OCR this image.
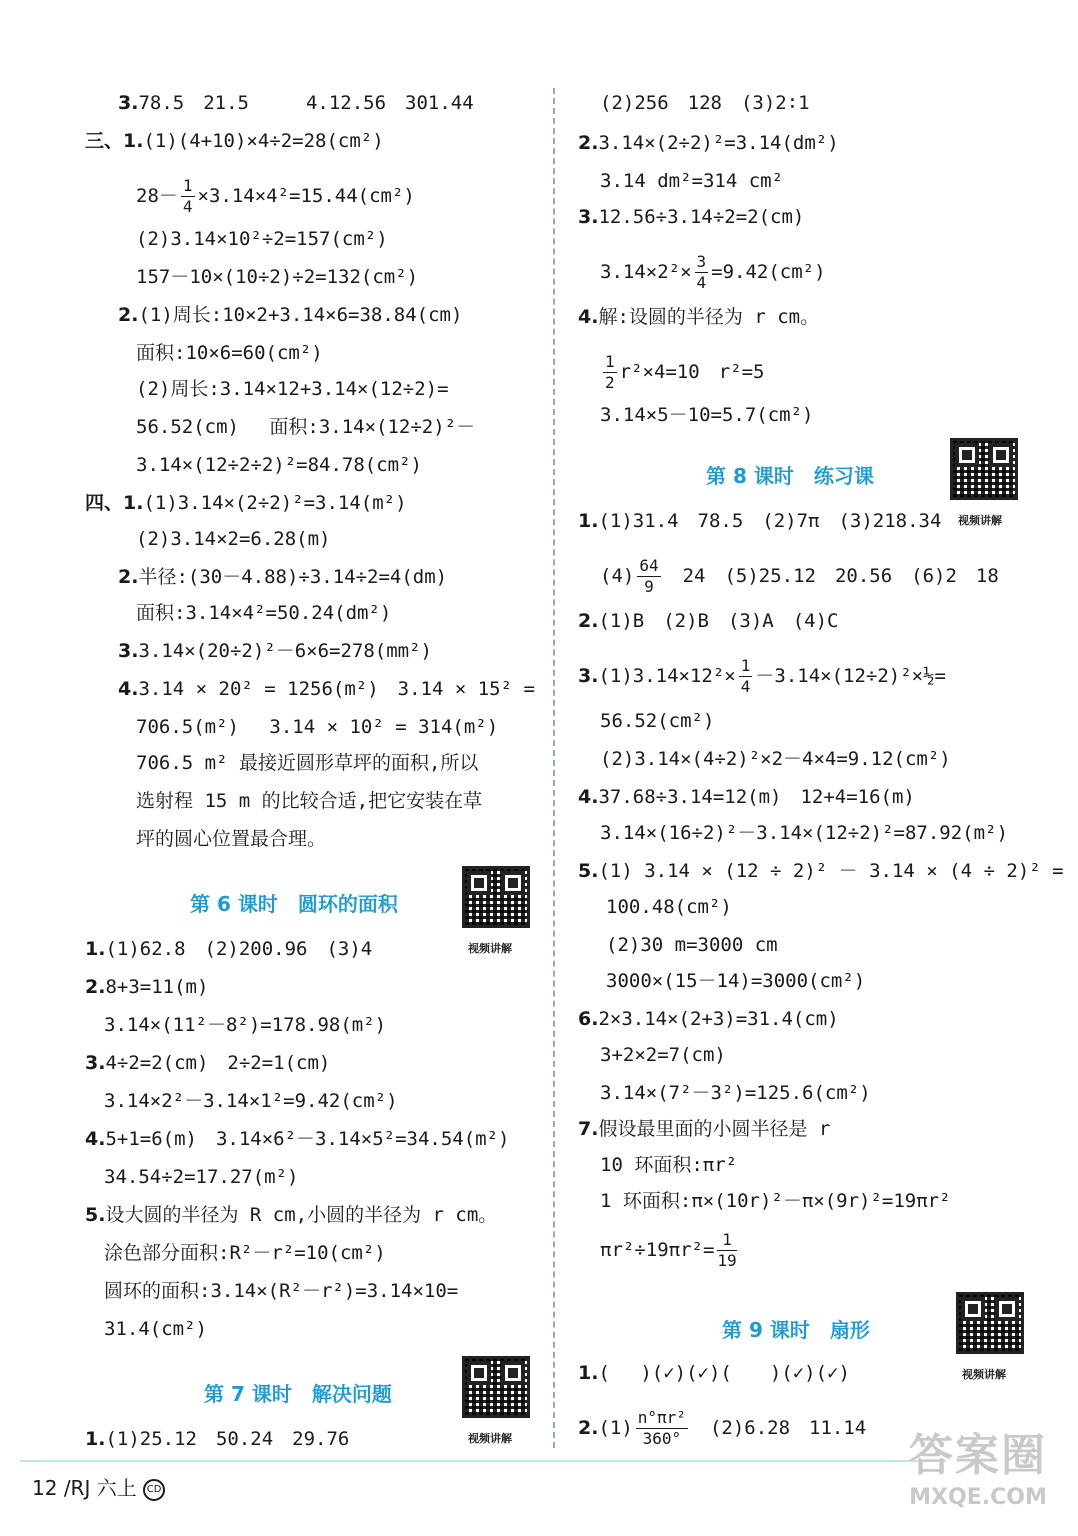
3.78.5　21.5　　　4.12.56　301.44
三、1.(1)(4+10)×4÷2=28(cm²)
$28- \frac{1}{4} \times 3.14\times 4^2=15.44(cm^2)$
(2)3.14×10²÷2=157(cm²)
157－10×(10÷2)÷2=132(cm²)
2.(1)周长:10×2+3.14×6=38.84(cm)
面积:10×6=60(cm²)
(2)周长:3.14×12+3.14×(12÷2)=
56.52(cm)　 面积:3.14×(12÷2)²－
3.14×(12÷2÷2)²=84.78(cm²)
四、1.(1)3.14×(2÷2)²=3.14(m²)
(2)3.14×2=6.28(m)
2.半径:(30－4.88)÷3.14÷2=4(dm)
面积:3.14×4²=50.24(dm²)
3.3.14×(20÷2)²－6×6=278(mm²)
4.3.14 × 20² = 1256(m²)　3.14 × 15² =
706.5(m²)　 3.14 × 10² = 314(m²)
706.5 m² 最接近圆形草坪的面积,所以
选射程 15 m 的比较合适,把它安装在草
坪的圆心位置最合理。
1.(1)62.8　(2)200.96　(3)4
2.8+3=11(m)
3.14×(11²－8²)=178.98(m²)
3.4÷2=2(cm)　2÷2=1(cm)
3.14×2²－3.14×1²=9.42(cm²)
4.5+1=6(m)　3.14×6²－3.14×5²=34.54(m²)
34.54÷2=17.27(m²)
5.设大圆的半径为 R cm,小圆的半径为 r cm。
涂色部分面积:R²－r²=10(cm²)
圆环的面积:3.14×(R²－r²)=3.14×10=
31.4(cm²)
1.(1)25.12　50.24　29.76
(2)256　128　(3)2∶1
2.3.14×(2÷2)²=3.14(dm²)
3.14 dm²=314 cm²
3.12.56÷3.14÷2=2(cm)
$3.14\times 2^2\times \frac{3}{4} =9.42(cm^2)$
4.解:设圆的半径为 r cm。
$\frac{1}{2} r^2\times 4=10$　r²=5
3.14×5－10=5.7(cm²)
1.(1)31.4　78.5　(2)7π　(3)218.34
$(4) \frac{64}{9}$ 　24　(5)25.12　20.56　(6)2　18
2.(1)B　(2)B　(3)A　(4)C
$3.(1)3.14\times 12^2\times \frac{1}{4}$ －3.14×(12÷2)²×½=
56.52(cm²)
(2)3.14×(4÷2)²×2－4×4=9.12(cm²)
4.37.68÷3.14=12(m)　12+4=16(m)
3.14×(16÷2)²－3.14×(12÷2)²=87.92(m²)
5.(1) 3.14 × (12 ÷ 2)² － 3.14 × (4 ÷ 2)² =
100.48(cm²)
(2)30 m=3000 cm
3000×(15－14)=3000(cm²)
6.2×3.14×(2+3)=31.4(cm)
3+2×2=7(cm)
3.14×(7²－3²)=125.6(cm²)
7.假设最里面的小圆半径是 r
10 环面积:πr²
1 环面积:π×(10r)²－π×(9r)²=19πr²
$\pi r^2\div 19\pi r^2= \frac{1}{19}$
1.(　 )(✓)(✓)(　　)(✓)(✓)
$2.(1) \frac{\text{n°πr²}}{360^\circ}$ 　(2)6.28　11.14
第 6 课时　圆环的面积
第 7 课时　解决问题
第 8 课时　练习课
第 9 课时　扇形
视频讲解
视频讲解
视频讲解
视频讲解
12 /RJ 六上 CD
答案圈
MXQE.COM
